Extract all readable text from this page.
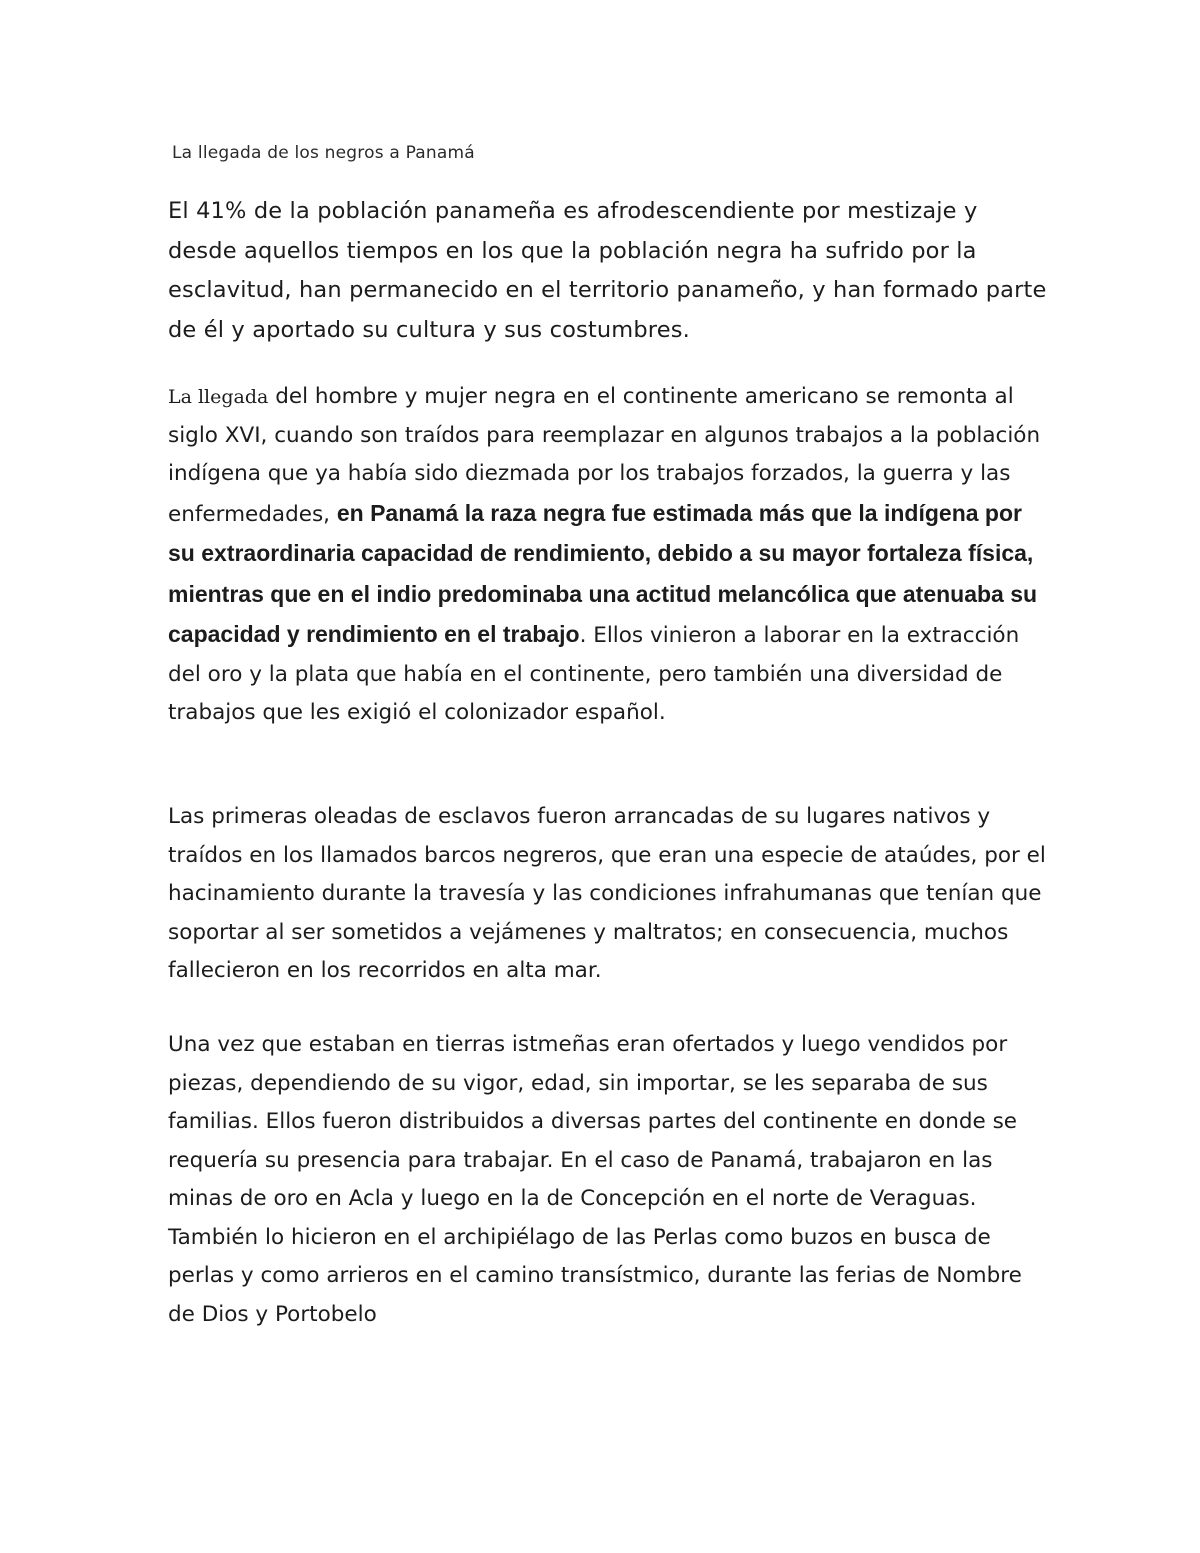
La llegada de los negros a Panamá

El 41% de la población panameña es afrodescendiente por mestizaje y desde aquellos tiempos en los que la población negra ha sufrido por la esclavitud, han permanecido en el territorio panameño, y han formado parte de él y aportado su cultura y sus costumbres.

La llegada del hombre y mujer negra en el continente americano se remonta al siglo XVI, cuando son traídos para reemplazar en algunos trabajos a la población indígena que ya había sido diezmada por los trabajos forzados, la guerra y las enfermedades, en Panamá la raza negra fue estimada más que la indígena por su extraordinaria capacidad de rendimiento, debido a su mayor fortaleza física, mientras que en el indio predominaba una actitud melancólica que atenuaba su capacidad y rendimiento en el trabajo. Ellos vinieron a laborar en la extracción del oro y la plata que había en el continente, pero también una diversidad de trabajos que les exigió el colonizador español.

Las primeras oleadas de esclavos fueron arrancadas de su lugares nativos y traídos en los llamados barcos negreros, que eran una especie de ataúdes, por el hacinamiento durante la travesía y las condiciones infrahumanas que tenían que soportar al ser sometidos a vejámenes y maltratos; en consecuencia, muchos fallecieron en los recorridos en alta mar.

Una vez que estaban en tierras istmeñas eran ofertados y luego vendidos por piezas, dependiendo de su vigor, edad, sin importar, se les separaba de sus familias. Ellos fueron distribuidos a diversas partes del continente en donde se requería su presencia para trabajar. En el caso de Panamá, trabajaron en las minas de oro en Acla y luego en la de Concepción en el norte de Veraguas. También lo hicieron en el archipiélago de las Perlas como buzos en busca de perlas y como arrieros en el camino transístmico, durante las ferias de Nombre de Dios y Portobelo
